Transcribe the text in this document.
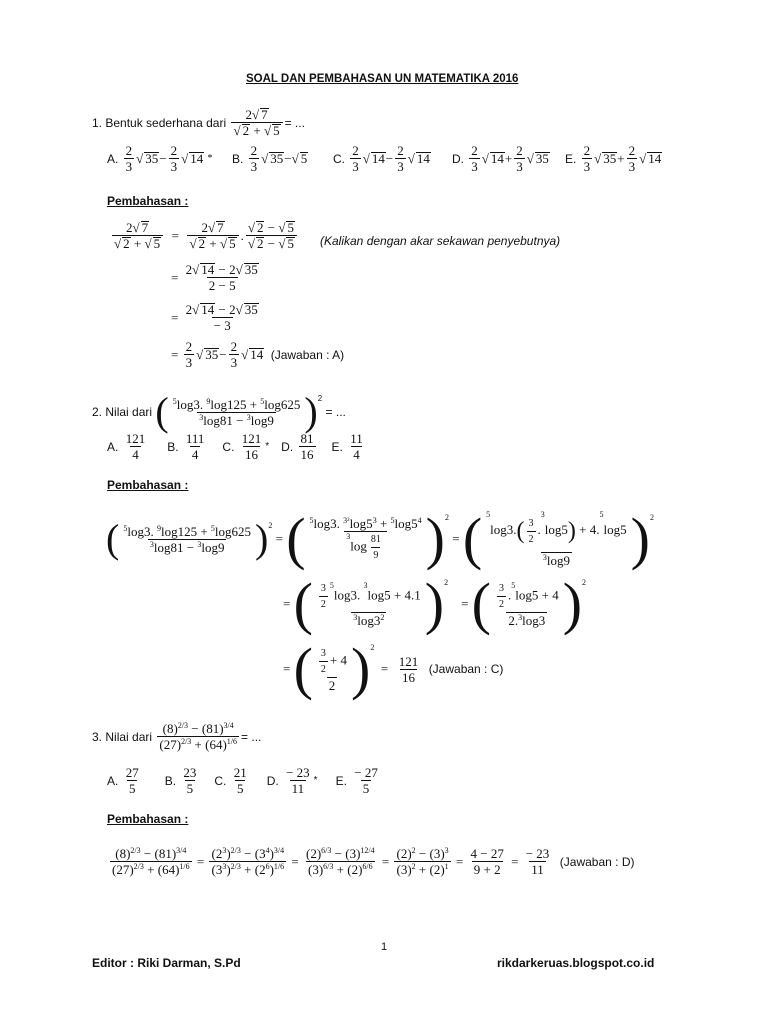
SOAL DAN PEMBAHASAN UN MATEMATIKA 2016
1.
Bentuk sederhana dari
$\frac{2√ 7}{√ 2 + √ 5}$ = ...
A.
$\frac{2}{3}$ √ $35 - \frac{2}{3}$ √ 14
* B.
$\frac{2}{3}$ √ 35 − √ 5 C.
$\frac{2}{3}$ √ $14 - \frac{2}{3}$ √ 14 D.
$\frac{2}{3}$ √ $14 + \frac{2}{3}$ √ 35 E.
$\frac{2}{3}$ √ $35 + \frac{2}{3}$ √ 14
Pembahasan :
$\frac{2√ 7}{√ 2 + √ 5} = \frac{2√ 7}{√ 2 + √ 5}$ . $\frac{√ 2 - √ 5}{√ 2 - √ 5}$ (Kalikan dengan akar sekawan penyebutnya)
= $\frac{2√ 14 - 2√ 35}{2 - 5}$
= $\frac{2√ 14 - 2√ 35}{- 3}$
= $\frac{2}{3}$ √ $35 - \frac{2}{3}$ √ 14
(Jawaban : A)
2.
Nilai dari
( $\frac{^5\log 3. ^9\log 125 + ^5\log 625}{^3\log 81 - ^3\log 9} )^2$

= ...
A.
$\frac{121}{4} B$.
$\frac{111}{4} C$.
$\frac{121}{16}$ * D.
$\frac{81}{16} E$.
$\frac{11}{4}$
Pembahasan :
( $\frac{^5\log 3. ^9\log 125 + ^5\log 625}{^3\log 81 - ^3\log 9} )^2$
= ( $\frac{^5\log 3. ^{3^2}\log 5^3 + ^5\log 5^4}{^3\log \frac{81}{9}} )^2$
= ( $\frac{^5\log 3.( \frac{3}{2} .^3\log 5) + 4.^5\log 5}{^3\log 9} )^2$
= ( $\frac{\frac{3}{2} ^5\log 3. ^3\log 5 + 4.1}{^3\log 3^2} )^2$
= ( $\frac{\frac{3}{2} .^5\log 5 + 4}{2.^3\log 3} )^2$
= ( $\frac{\frac{3}{2} + 4}{2} )^2$
= $\frac{121}{16}$
(Jawaban : C)
3.
Nilai dari
$\frac{(8)^{2/3} - (81)^{3/4}}{(27)^{2/3} + (64)^{1/6}}$ = ...
A.
$\frac{27}{5} B$.
$\frac{23}{5} C$.
$\frac{21}{5} D$.
$\frac{- 23}{11}$ * E.
$\frac{- 27}{5}$
Pembahasan :
$\frac{(8)^{2/3} - (81)^{3/4}}{(27)^{2/3} + (64)^{1/6}} = \frac{(2^3)^{2/3} - (3^4)^{3/4}}{(3^3)^{2/3} + (2^6)^{1/6}} = \frac{(2)^{6/3} - (3)^{12/4}}{(3)^{6/3} + (2)^{6/6}} = \frac{(2)^2 - (3)^3}{(3)^2 + (2)^1} = \frac{4 - 27}{9 + 2} = \frac{- 23}{11}$
(Jawaban : D)
1
Editor : Riki Darman, S.Pd	rikdarkeruas.blogspot.co.id
